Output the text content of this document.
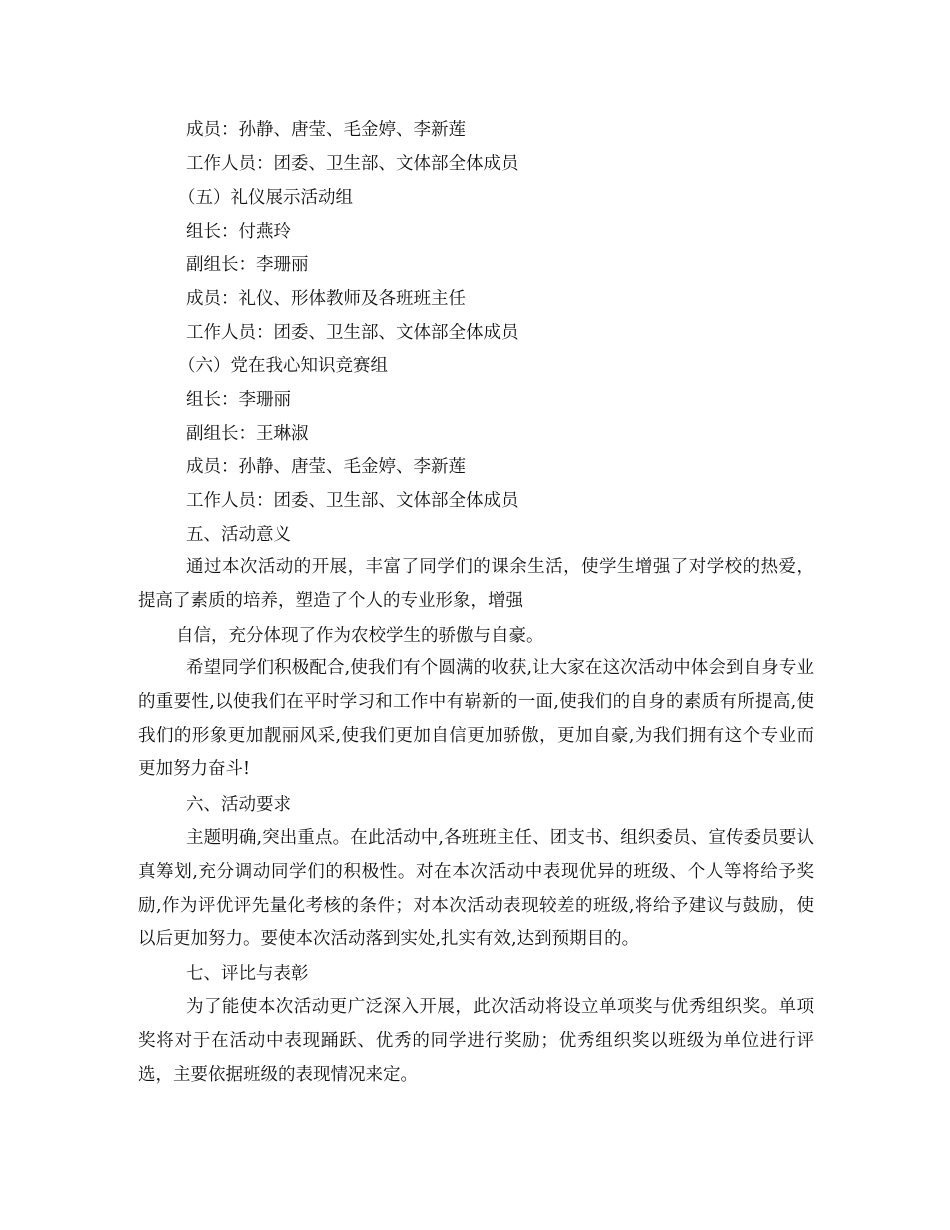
成员：孙静、唐莹、毛金婷、李新莲
工作人员：团委、卫生部、文体部全体成员
（五）礼仪展示活动组
组长：付燕玲
副组长：李珊丽
成员：礼仪、形体教师及各班班主任
工作人员：团委、卫生部、文体部全体成员
（六）党在我心知识竞赛组
组长：李珊丽
副组长：王琳淑
成员：孙静、唐莹、毛金婷、李新莲
工作人员：团委、卫生部、文体部全体成员
五、活动意义
通过本次活动的开展，丰富了同学们的课余生活，使学生增强了对学校的热爱，提高了素质的培养，塑造了个人的专业形象，增强
自信，充分体现了作为农校学生的骄傲与自豪。
希望同学们积极配合,使我们有个圆满的收获,让大家在这次活动中体会到自身专业的重要性,以使我们在平时学习和工作中有崭新的一面,使我们的自身的素质有所提高,使我们的形象更加靓丽风采,使我们更加自信更加骄傲，更加自豪,为我们拥有这个专业而更加努力奋斗!
六、活动要求
主题明确,突出重点。在此活动中,各班班主任、团支书、组织委员、宣传委员要认真筹划,充分调动同学们的积极性。对在本次活动中表现优异的班级、个人等将给予奖励,作为评优评先量化考核的条件；对本次活动表现较差的班级,将给予建议与鼓励，使以后更加努力。要使本次活动落到实处,扎实有效,达到预期目的。
七、评比与表彰
为了能使本次活动更广泛深入开展，此次活动将设立单项奖与优秀组织奖。单项奖将对于在活动中表现踊跃、优秀的同学进行奖励；优秀组织奖以班级为单位进行评选，主要依据班级的表现情况来定。
